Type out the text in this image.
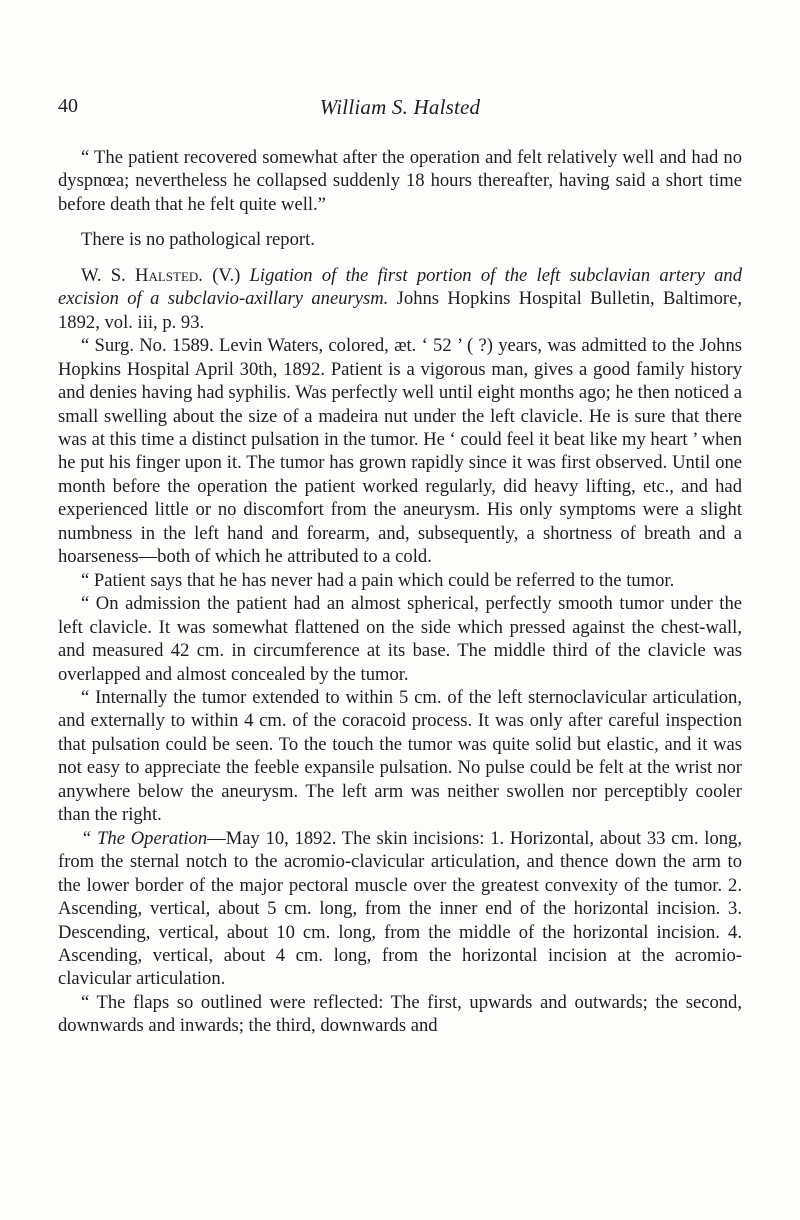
40	William S. Halsted

“ The patient recovered somewhat after the operation and felt relatively well and had no dyspnœa; nevertheless he collapsed suddenly 18 hours thereafter, having said a short time before death that he felt quite well.”

There is no pathological report.

W. S. Halsted. (V.) Ligation of the first portion of the left subclavian artery and excision of a subclavio-axillary aneurysm. Johns Hopkins Hospital Bulletin, Baltimore, 1892, vol. iii, p. 93.

“ Surg. No. 1589. Levin Waters, colored, æt. ‘ 52 ’ ( ?) years, was admitted to the Johns Hopkins Hospital April 30th, 1892. Patient is a vigorous man, gives a good family history and denies having had syphilis. Was perfectly well until eight months ago; he then noticed a small swelling about the size of a madeira nut under the left clavicle. He is sure that there was at this time a distinct pulsation in the tumor. He ‘ could feel it beat like my heart ’ when he put his finger upon it. The tumor has grown rapidly since it was first observed. Until one month before the operation the patient worked regularly, did heavy lifting, etc., and had experienced little or no discomfort from the aneurysm. His only symptoms were a slight numbness in the left hand and forearm, and, subsequently, a shortness of breath and a hoarseness—both of which he attributed to a cold.

“ Patient says that he has never had a pain which could be referred to the tumor.

“ On admission the patient had an almost spherical, perfectly smooth tumor under the left clavicle. It was somewhat flattened on the side which pressed against the chest-wall, and measured 42 cm. in circumference at its base. The middle third of the clavicle was overlapped and almost concealed by the tumor.

“ Internally the tumor extended to within 5 cm. of the left sternoclavicular articulation, and externally to within 4 cm. of the coracoid process. It was only after careful inspection that pulsation could be seen. To the touch the tumor was quite solid but elastic, and it was not easy to appreciate the feeble expansile pulsation. No pulse could be felt at the wrist nor anywhere below the aneurysm. The left arm was neither swollen nor perceptibly cooler than the right.

“ The Operation—May 10, 1892. The skin incisions: 1. Horizontal, about 33 cm. long, from the sternal notch to the acromio-clavicular articulation, and thence down the arm to the lower border of the major pectoral muscle over the greatest convexity of the tumor. 2. Ascending, vertical, about 5 cm. long, from the inner end of the horizontal incision. 3. Descending, vertical, about 10 cm. long, from the middle of the horizontal incision. 4. Ascending, vertical, about 4 cm. long, from the horizontal incision at the acromio-clavicular articulation.

“ The flaps so outlined were reflected: The first, upwards and outwards; the second, downwards and inwards; the third, downwards and
